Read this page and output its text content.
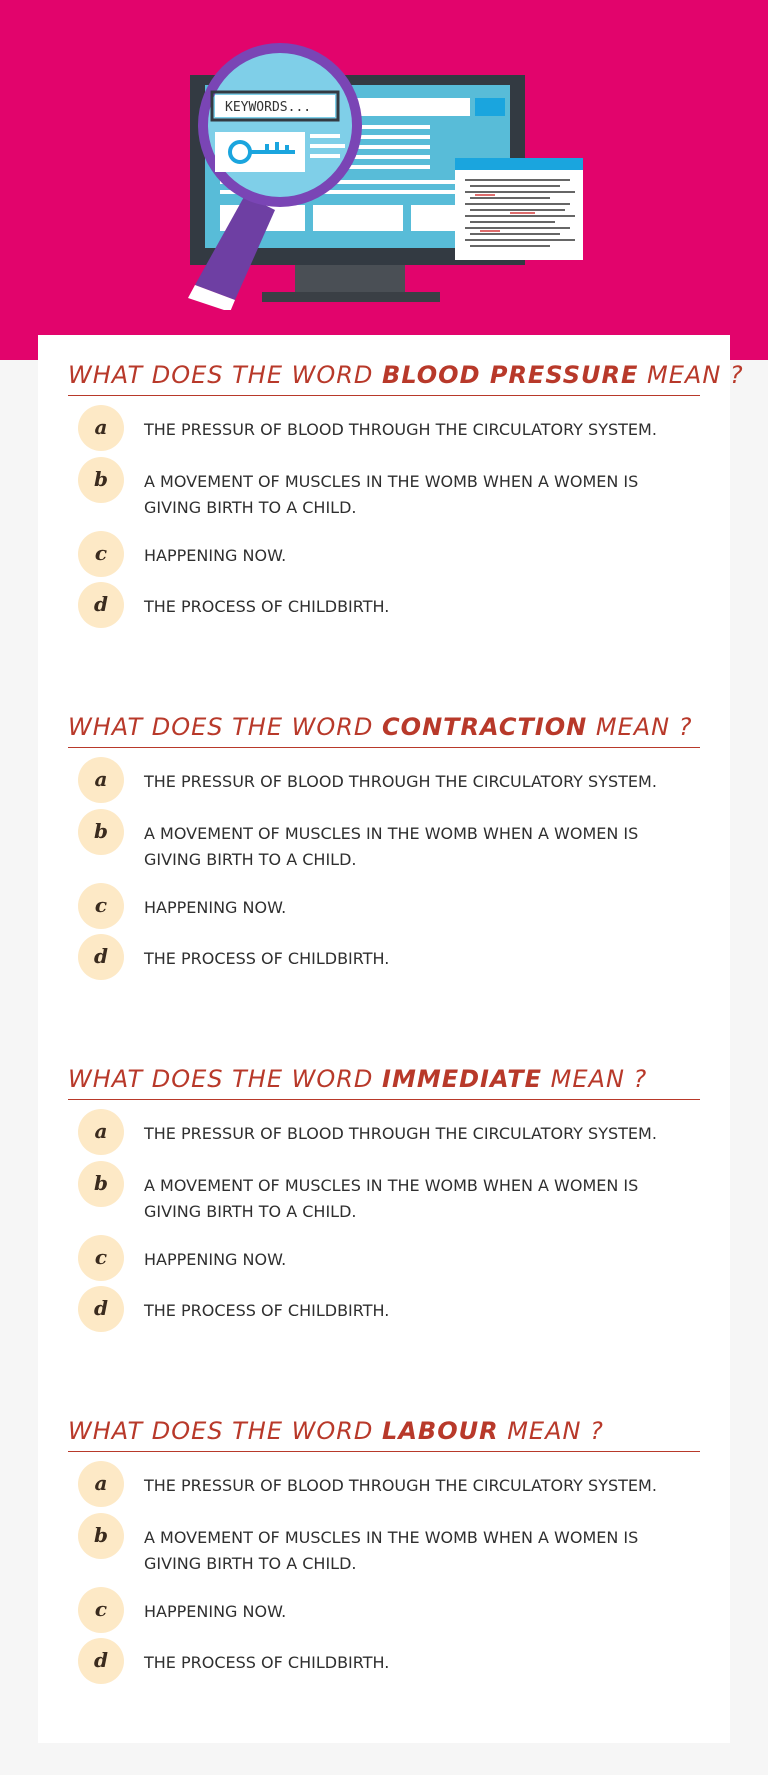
KEYWORDS...
WHAT DOES THE WORD BLOOD PRESSURE MEAN ?
a	THE PRESSUR OF BLOOD THROUGH THE CIRCULATORY SYSTEM.
b	A MOVEMENT OF MUSCLES IN THE WOMB WHEN A WOMEN IS GIVING BIRTH TO A CHILD.
c	HAPPENING NOW.
d	THE PROCESS OF CHILDBIRTH.
WHAT DOES THE WORD CONTRACTION MEAN ?
a	THE PRESSUR OF BLOOD THROUGH THE CIRCULATORY SYSTEM.
b	A MOVEMENT OF MUSCLES IN THE WOMB WHEN A WOMEN IS GIVING BIRTH TO A CHILD.
c	HAPPENING NOW.
d	THE PROCESS OF CHILDBIRTH.
WHAT DOES THE WORD IMMEDIATE MEAN ?
a	THE PRESSUR OF BLOOD THROUGH THE CIRCULATORY SYSTEM.
b	A MOVEMENT OF MUSCLES IN THE WOMB WHEN A WOMEN IS GIVING BIRTH TO A CHILD.
c	HAPPENING NOW.
d	THE PROCESS OF CHILDBIRTH.
WHAT DOES THE WORD LABOUR MEAN ?
a	THE PRESSUR OF BLOOD THROUGH THE CIRCULATORY SYSTEM.
b	A MOVEMENT OF MUSCLES IN THE WOMB WHEN A WOMEN IS GIVING BIRTH TO A CHILD.
c	HAPPENING NOW.
d	THE PROCESS OF CHILDBIRTH.
